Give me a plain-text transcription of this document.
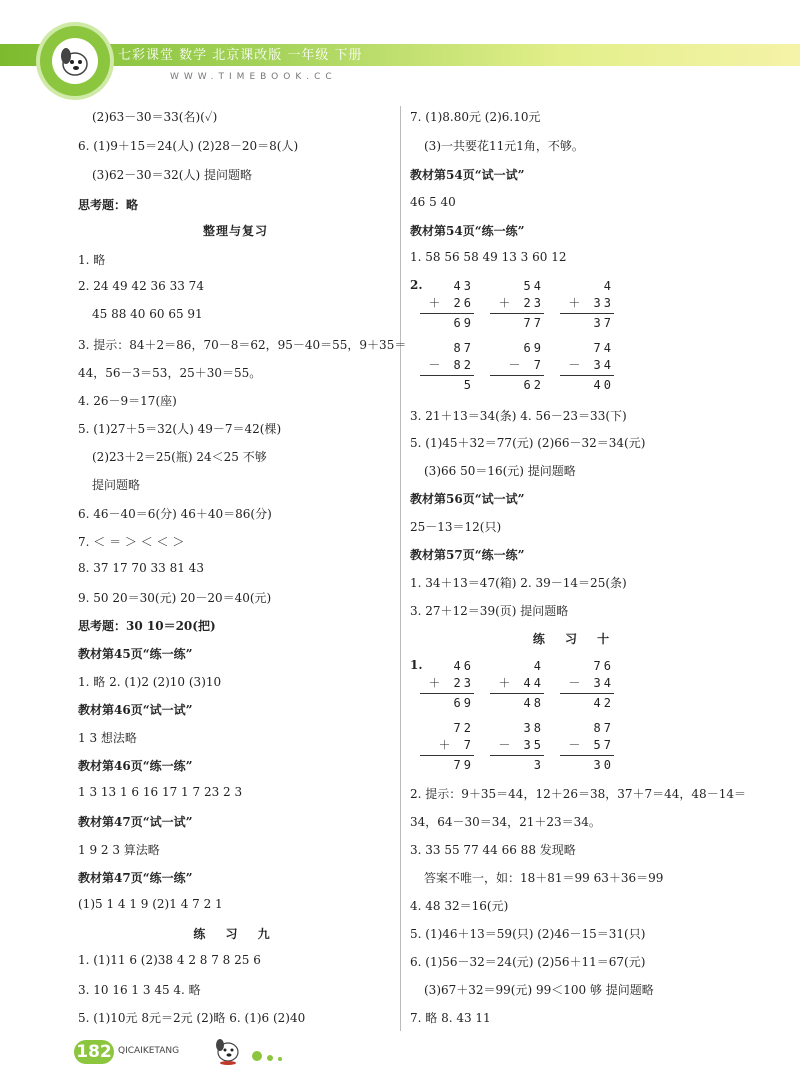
七彩课堂 数学 北京课改版 一年级 下册
WWW.TIMEBOOK.CC
(2)63－30＝33(名)(✓)
6. (1)9＋15＝24(人) (2)28－20＝8(人)
(3)62－30＝32(人) 提问题略
思考题：略
整理与复习
1. 略
2. 24 49 42 36 33 74
45 88 40 60 65 91
3. 提示：84＋2＝86，70－8＝62，95－40＝55，9＋35＝
44，56－3＝53，25＋30＝55。
4. 26－9＝17(座)
5. (1)27＋5＝32(人) 49－7＝42(棵)
(2)23＋2＝25(瓶) 24＜25 不够
提问题略
6. 46－40＝6(分) 46＋40＝86(分)
7. ＜ ＝ ＞ ＜ ＜ ＞
8. 37 17 70 33 81 43
9. 50 20＝30(元) 20－20＝40(元)
思考题：30 10＝20(把)
教材第45页“练一练”
1. 略 2. (1)2 (2)10 (3)10
教材第46页“试一试”
1 3 想法略
教材第46页“练一练”
1 3 13 1 6 16 17 1 7 23 2 3
教材第47页“试一试”
1 9 2 3 算法略
教材第47页“练一练”
(1)5 1 4 1 9 (2)1 4 7 2 1
练 习 九
1. (1)11 6 (2)38 4 2 8 7 8 25 6
3. 10 16 1 3 45 4. 略
5. (1)10元 8元＝2元 (2)略 6. (1)6 (2)40
7. (1)8.80元 (2)6.10元
(3)一共要花11元1角，不够。
教材第54页“试一试”
46 5 40
教材第54页“练一练”
1. 58 56 58 49 13 3 60 12
2.	43
＋ 26
69
54
＋ 23
77
4
＋ 33
37
87
－ 82
5
69
－ 7
62
74
－ 34
40
3. 21＋13＝34(条) 4. 56－23＝33(下)
5. (1)45＋32＝77(元) (2)66－32＝34(元)
(3)66 50＝16(元) 提问题略
教材第56页“试一试”
25－13＝12(只)
教材第57页“练一练”
1. 34＋13＝47(箱) 2. 39－14＝25(条)
3. 27＋12＝39(页) 提问题略
练 习 十
1.	46
＋ 23
69
4
＋ 44
48
76
－ 34
42
72
＋ 7
79
38
－ 35
3
87
－ 57
30
2. 提示：9＋35＝44，12＋26＝38，37＋7＝44，48－14＝
34，64－30＝34，21＋23＝34。
3. 33 55 77 44 66 88 发现略
答案不唯一，如：18＋81＝99 63＋36＝99
4. 48 32＝16(元)
5. (1)46＋13＝59(只) (2)46－15＝31(只)
6. (1)56－32＝24(元) (2)56＋11＝67(元)
(3)67＋32＝99(元) 99＜100 够 提问题略
7. 略 8. 43 11
182 QICAIKETANG
